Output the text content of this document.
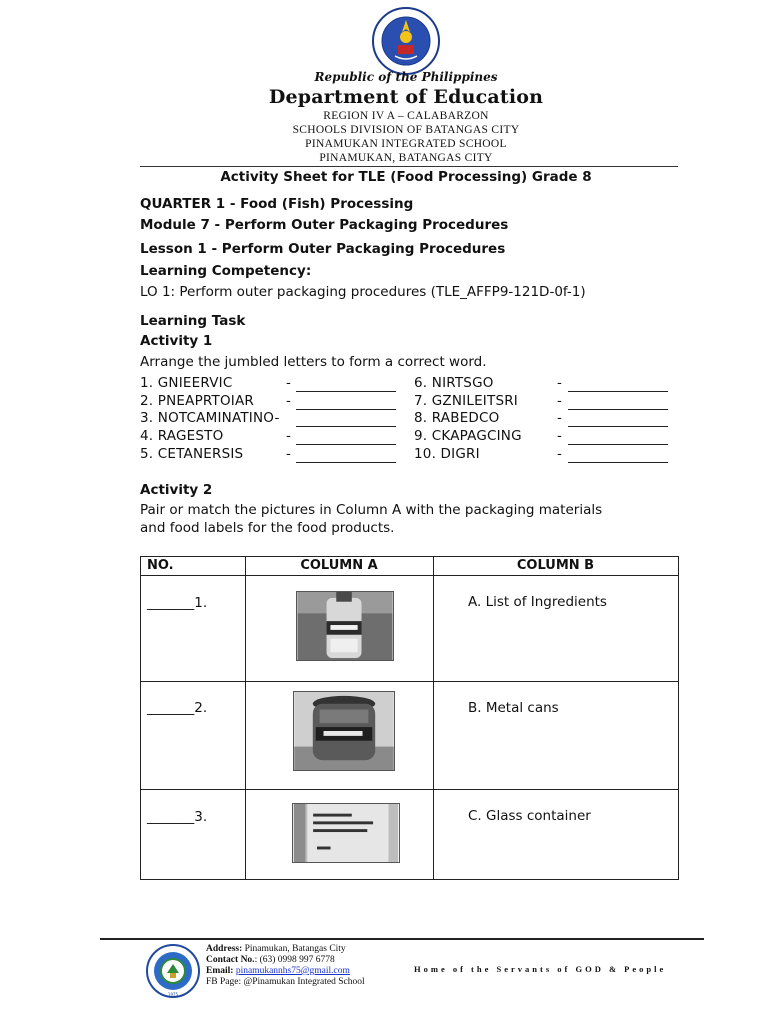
Republic of the Philippines
Department of Education
REGION IV A – CALABARZON
SCHOOLS DIVISION OF BATANGAS CITY
PINAMUKAN INTEGRATED SCHOOL
PINAMUKAN, BATANGAS CITY
Activity Sheet for TLE (Food Processing) Grade 8
QUARTER 1 - Food (Fish) Processing
Module 7 - Perform Outer Packaging Procedures
Lesson 1 - Perform Outer Packaging Procedures
Learning Competency:
LO 1: Perform outer packaging procedures (TLE_AFFP9-121D-0f-1)
Learning Task
Activity 1
Arrange the jumbled letters to form a correct word.
1. GNIEERVIC
2. PNEAPRTOIAR
3. NOTCAMINATINO-
4. RAGESTO
5. CETANERSIS
-
-
-
-
6. NIRTSGO
7. GZNILEITSRI
8. RABEDCO
9. CKAPAGCING
10. DIGRI
-
-
-
-
-
Activity 2
Pair or match the pictures in Column A with the packaging materials
and food labels for the food products.
NO.	COLUMN A	COLUMN B
_______1.	A. List of Ingredients
_______2.	B. Metal cans
_______3.	C. Glass container
1975
Address: Pinamukan, Batangas City
Contact No.: (63) 0998 997 6778
Email: pinamukannhs75@gmail.com
FB Page: @Pinamukan Integrated School
Home of the Servants of GOD & People
